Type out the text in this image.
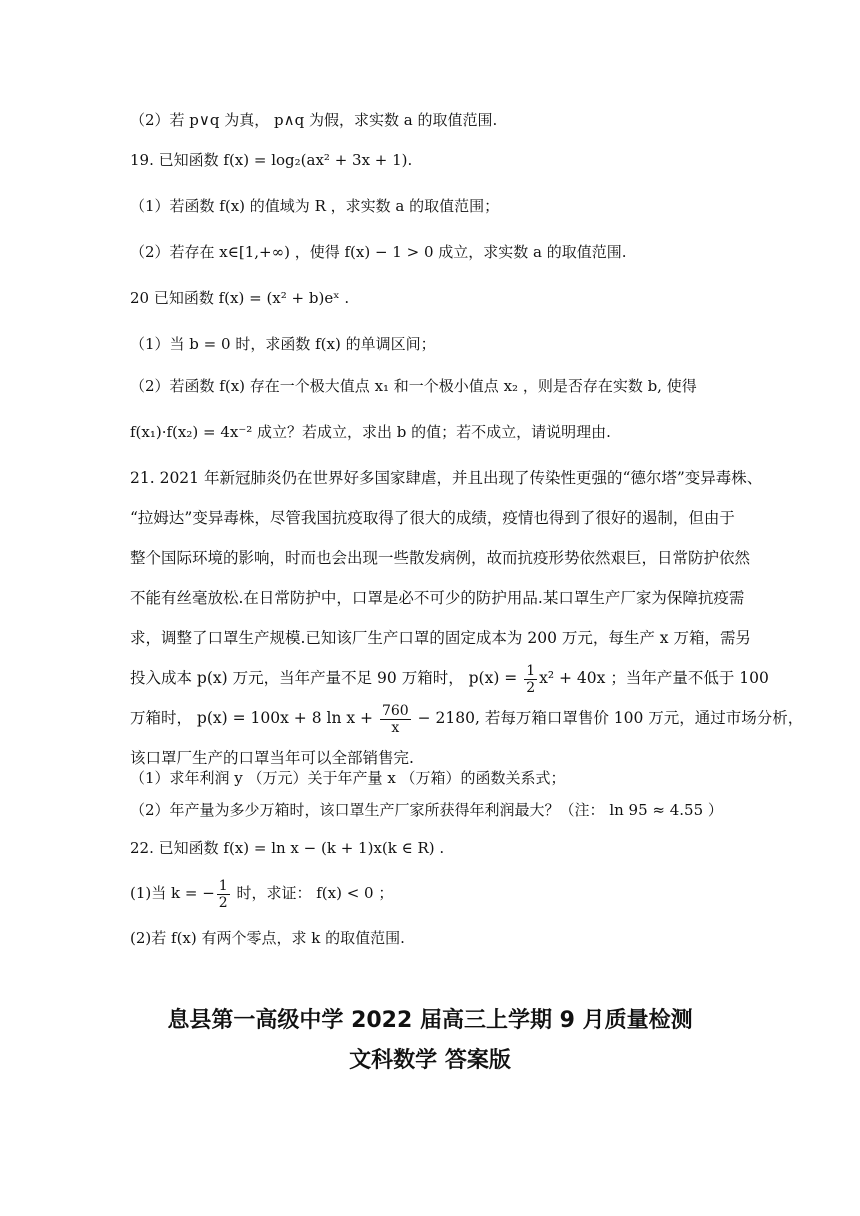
（2）若 p∨q 为真， p∧q 为假，求实数 a 的取值范围.
19. 已知函数 f(x) = log₂(ax² + 3x + 1).
（1）若函数 f(x) 的值域为 R ，求实数 a 的取值范围；
（2）若存在 x∈[1,+∞) ，使得 f(x) − 1 > 0 成立，求实数 a 的取值范围.
20 已知函数 f(x) = (x² + b)eˣ .
（1）当 b = 0 时，求函数 f(x) 的单调区间；
（2）若函数 f(x) 存在一个极大值点 x₁ 和一个极小值点 x₂ ，则是否存在实数 b, 使得
f(x₁)·f(x₂) = 4x⁻² 成立？若成立，求出 b 的值；若不成立，请说明理由.
21. 2021 年新冠肺炎仍在世界好多国家肆虐，并且出现了传染性更强的“德尔塔”变异毒株、
“拉姆达”变异毒株，尽管我国抗疫取得了很大的成绩，疫情也得到了很好的遏制，但由于
整个国际环境的影响，时而也会出现一些散发病例，故而抗疫形势依然艰巨，日常防护依然
不能有丝毫放松.在日常防护中，口罩是必不可少的防护用品.某口罩生产厂家为保障抗疫需
求，调整了口罩生产规模.已知该厂生产口罩的固定成本为 200 万元，每生产 x 万箱，需另
投入成本 p(x) 万元，当年产量不足 90 万箱时， $p(x) = \frac{1}{2} x^2 + 40x$ ；当年产量不低于 100
万箱时， p(x) = 100x + 8 $\ln x + \frac{760}{x} - 2180$, 若每万箱口罩售价 100 万元，通过市场分析，
该口罩厂生产的口罩当年可以全部销售完.
（1）求年利润 y （万元）关于年产量 x （万箱）的函数关系式；
（2）年产量为多少万箱时，该口罩生产厂家所获得年利润最大？（注： ln 95 ≈ 4.55 ）
22. 已知函数 f(x) = ln x − (k + 1)x(k ∈ R) .
(1)当 k = − $\frac{1}{2}$ 时，求证： f(x) < 0 ；
(2)若 f(x) 有两个零点，求 k 的取值范围.
息县第一高级中学 2022 届高三上学期 9 月质量检测
文科数学 答案版
